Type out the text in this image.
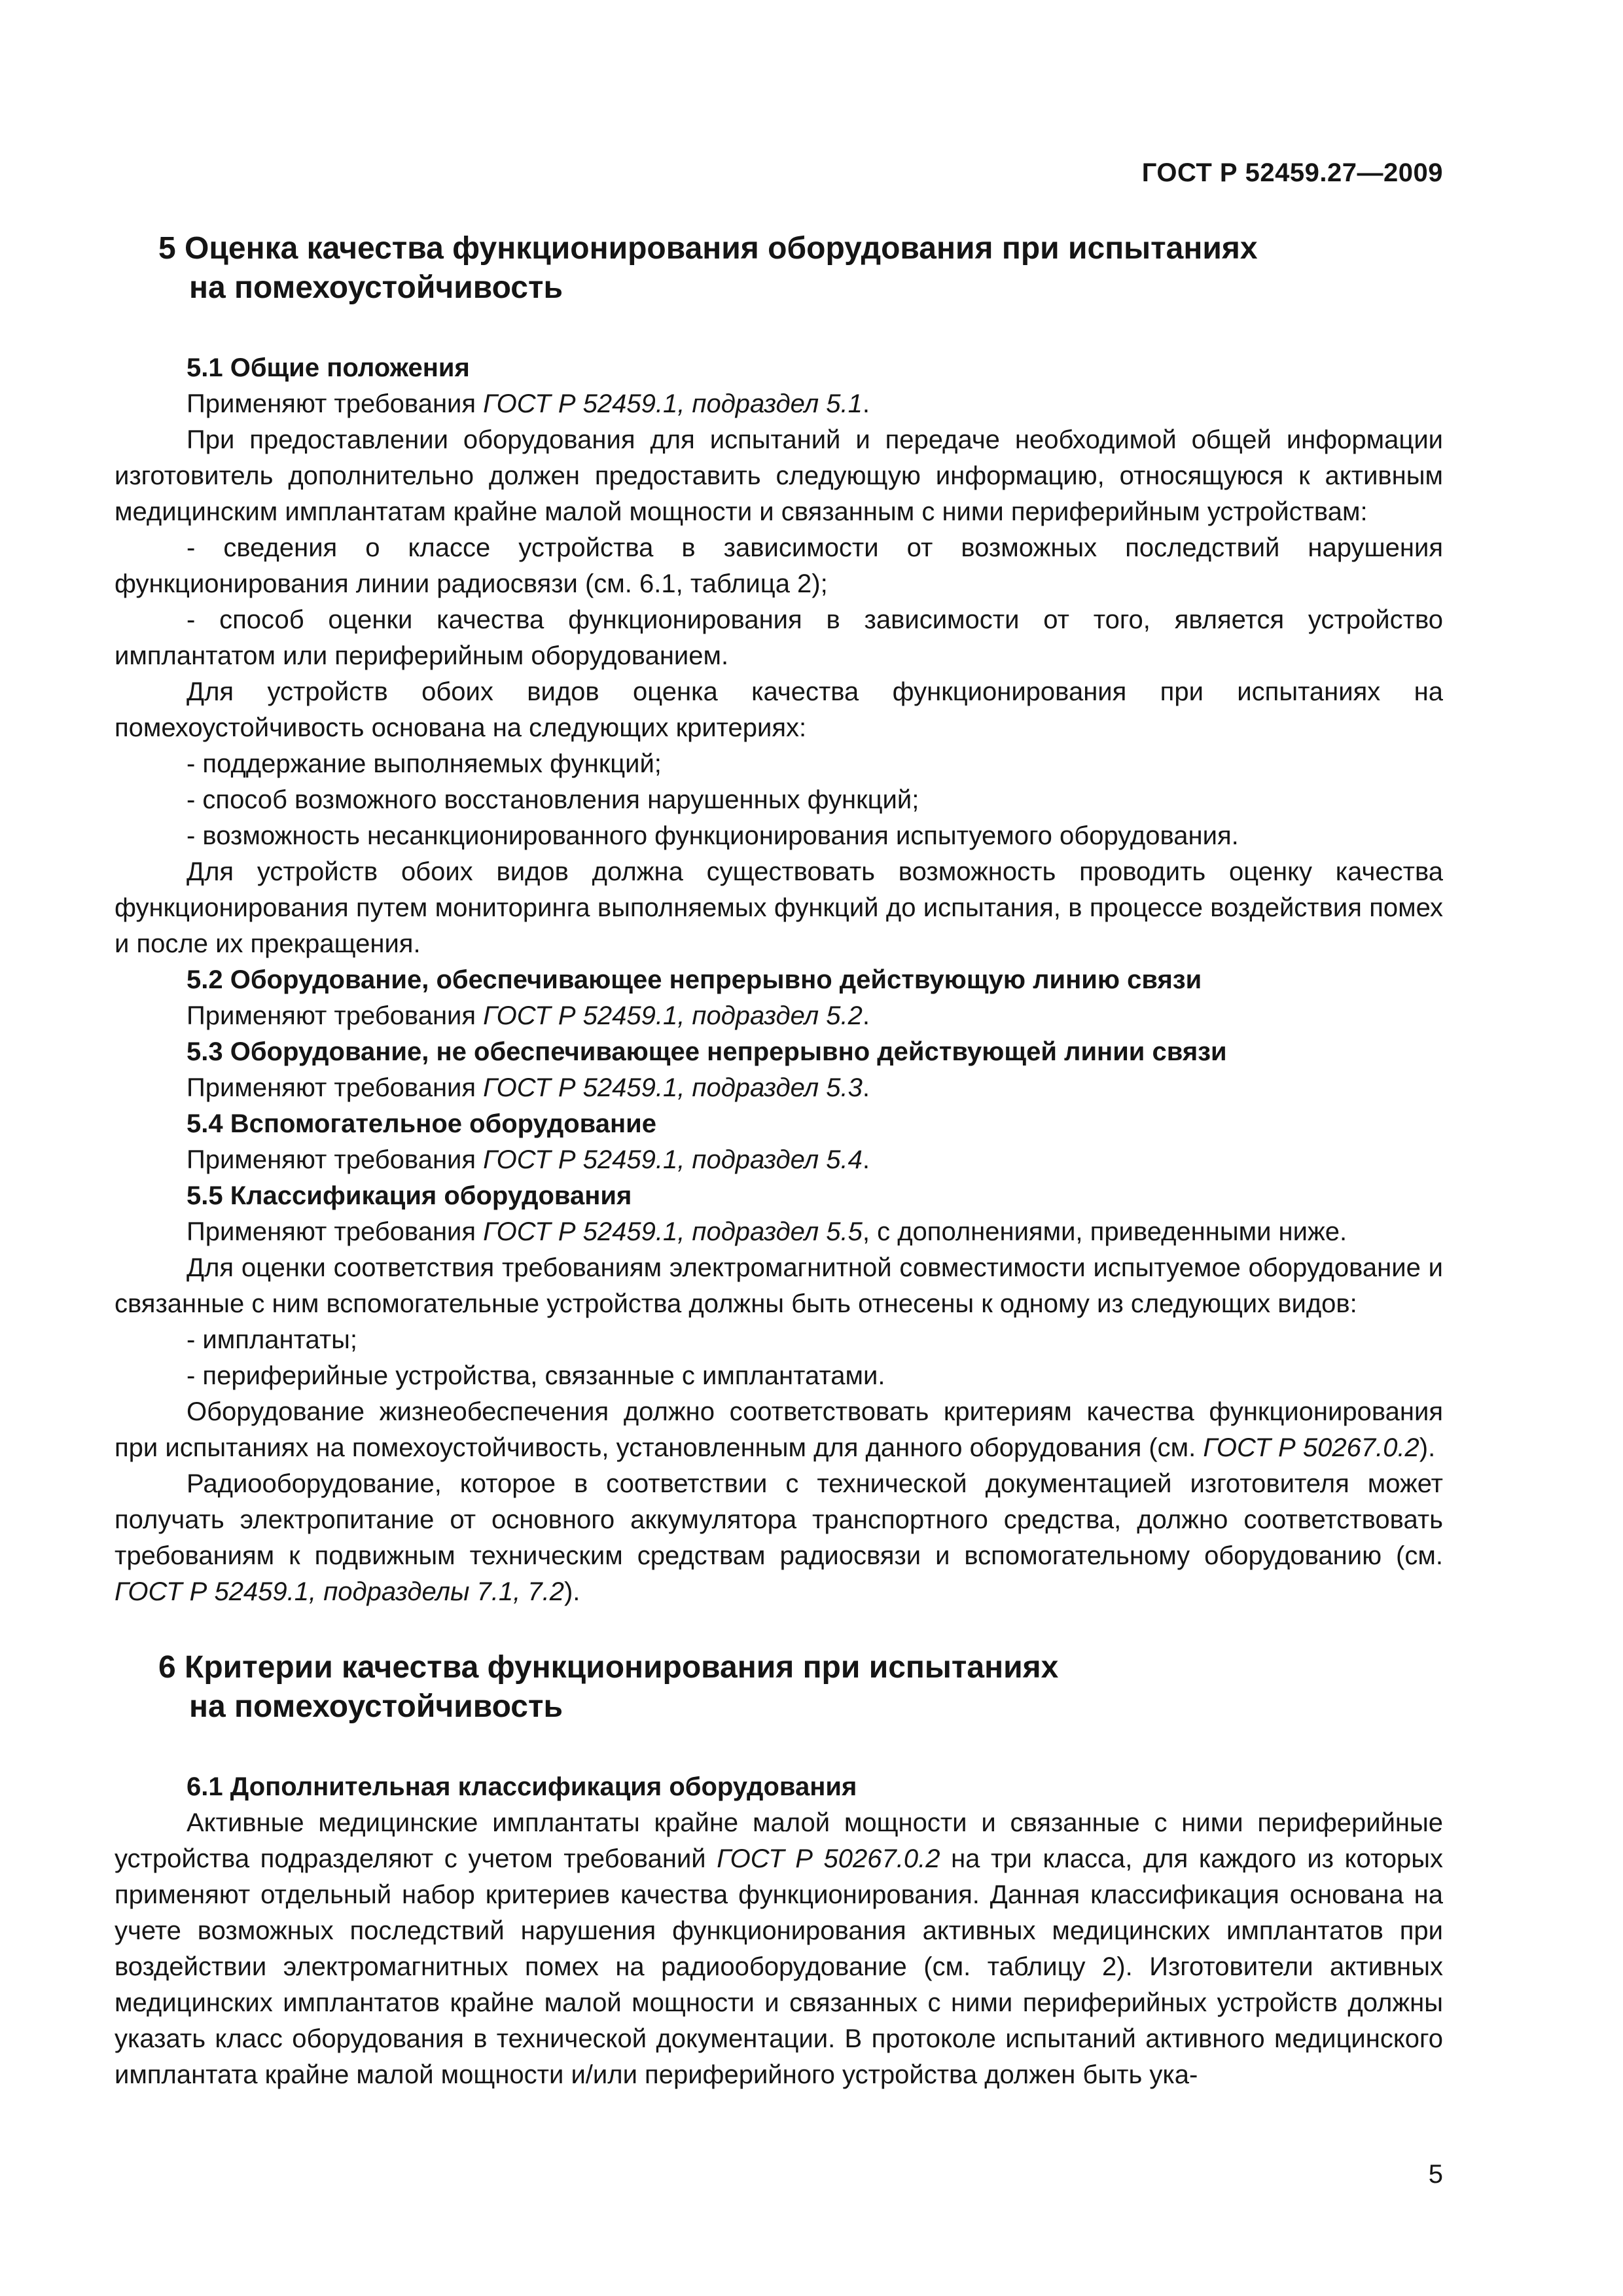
ГОСТ Р 52459.27—2009
5 Оценка качества функционирования оборудования при испытаниях
на помехоустойчивость
5.1 Общие положения
Применяют требования ГОСТ Р 52459.1, подраздел 5.1.
При предоставлении оборудования для испытаний и передаче необходимой общей информации изготовитель дополнительно должен предоставить следующую информацию, относящуюся к активным медицинским имплантатам крайне малой мощности и связанным с ними периферийным устройствам:
- сведения о классе устройства в зависимости от возможных последствий нарушения функционирования линии радиосвязи (см. 6.1, таблица 2);
- способ оценки качества функционирования в зависимости от того, является устройство имплантатом или периферийным оборудованием.
Для устройств обоих видов оценка качества функционирования при испытаниях на помехоустойчивость основана на следующих критериях:
- поддержание выполняемых функций;
- способ возможного восстановления нарушенных функций;
- возможность несанкционированного функционирования испытуемого оборудования.
Для устройств обоих видов должна существовать возможность проводить оценку качества функционирования путем мониторинга выполняемых функций до испытания, в процессе воздействия помех и после их прекращения.
5.2 Оборудование, обеспечивающее непрерывно действующую линию связи
Применяют требования ГОСТ Р 52459.1, подраздел 5.2.
5.3 Оборудование, не обеспечивающее непрерывно действующей линии связи
Применяют требования ГОСТ Р 52459.1, подраздел 5.3.
5.4 Вспомогательное оборудование
Применяют требования ГОСТ Р 52459.1, подраздел 5.4.
5.5 Классификация оборудования
Применяют требования ГОСТ Р 52459.1, подраздел 5.5, с дополнениями, приведенными ниже.
Для оценки соответствия требованиям электромагнитной совместимости испытуемое оборудование и связанные с ним вспомогательные устройства должны быть отнесены к одному из следующих видов:
- имплантаты;
- периферийные устройства, связанные с имплантатами.
Оборудование жизнеобеспечения должно соответствовать критериям качества функционирования при испытаниях на помехоустойчивость, установленным для данного оборудования (см. ГОСТ Р 50267.0.2).
Радиооборудование, которое в соответствии с технической документацией изготовителя может получать электропитание от основного аккумулятора транспортного средства, должно соответствовать требованиям к подвижным техническим средствам радиосвязи и вспомогательному оборудованию (см. ГОСТ Р 52459.1, подразделы 7.1, 7.2).
6 Критерии качества функционирования при испытаниях
на помехоустойчивость
6.1 Дополнительная классификация оборудования
Активные медицинские имплантаты крайне малой мощности и связанные с ними периферийные устройства подразделяют с учетом требований ГОСТ Р 50267.0.2 на три класса, для каждого из которых применяют отдельный набор критериев качества функционирования. Данная классификация основана на учете возможных последствий нарушения функционирования активных медицинских имплантатов при воздействии электромагнитных помех на радиооборудование (см. таблицу 2). Изготовители активных медицинских имплантатов крайне малой мощности и связанных с ними периферийных устройств должны указать класс оборудования в технической документации. В протоколе испытаний активного медицинского имплантата крайне малой мощности и/или периферийного устройства должен быть ука-
5
